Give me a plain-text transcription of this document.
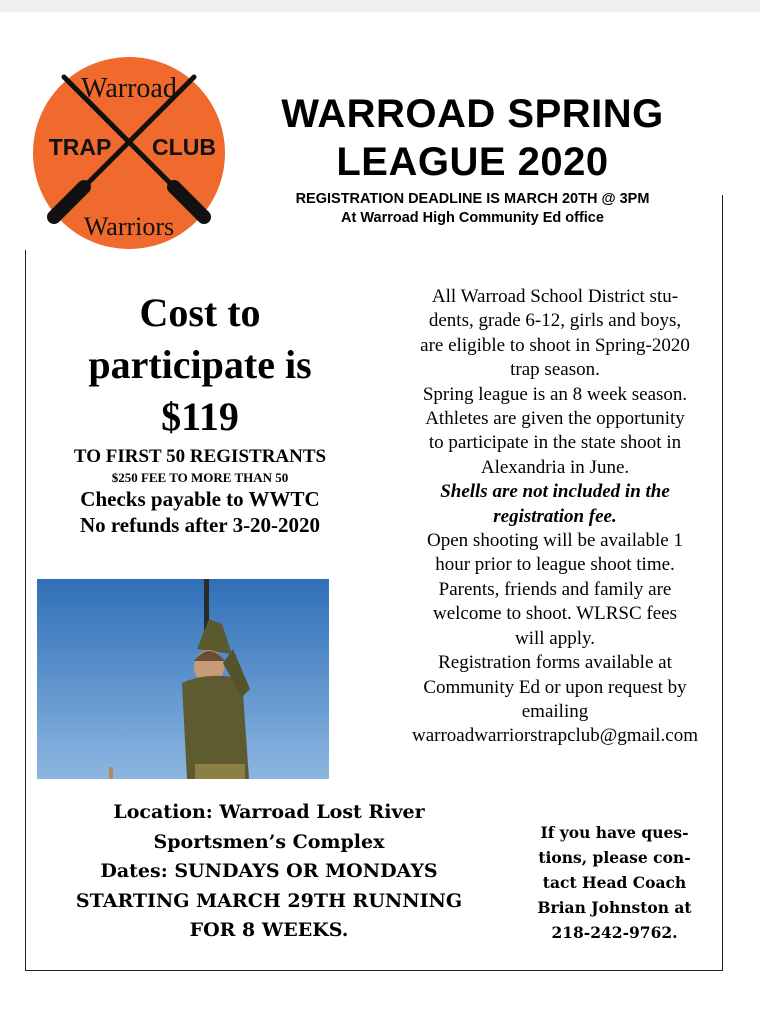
Warroad
TRAP CLUB
Warriors
WARROAD SPRING
LEAGUE 2020
REGISTRATION DEADLINE IS MARCH 20TH @ 3PM
At Warroad High Community Ed office
Cost to
participate is
$119
TO FIRST 50 REGISTRANTS
$250 FEE TO MORE THAN 50
Checks payable to WWTC
No refunds after 3-20-2020
All Warroad School District stu-
dents, grade 6-12, girls and boys,
are eligible to shoot in Spring-2020
trap season.
Spring league is an 8 week season.
Athletes are given the opportunity
to participate in the state shoot in
Alexandria in June.
Shells are not included in the
registration fee.
Open shooting will be available 1
hour prior to league shoot time.
Parents, friends and family are
welcome to shoot. WLRSC fees
will apply.
Registration forms available at
Community Ed or upon request by
emailing
warroadwarriorstrapclub@gmail.com
Location: Warroad Lost River
Sportsmen’s Complex
Dates: SUNDAYS OR MONDAYS
STARTING MARCH 29TH RUNNING
FOR 8 WEEKS.
If you have ques-
tions, please con-
tact Head Coach
Brian Johnston at
218-242-9762.
